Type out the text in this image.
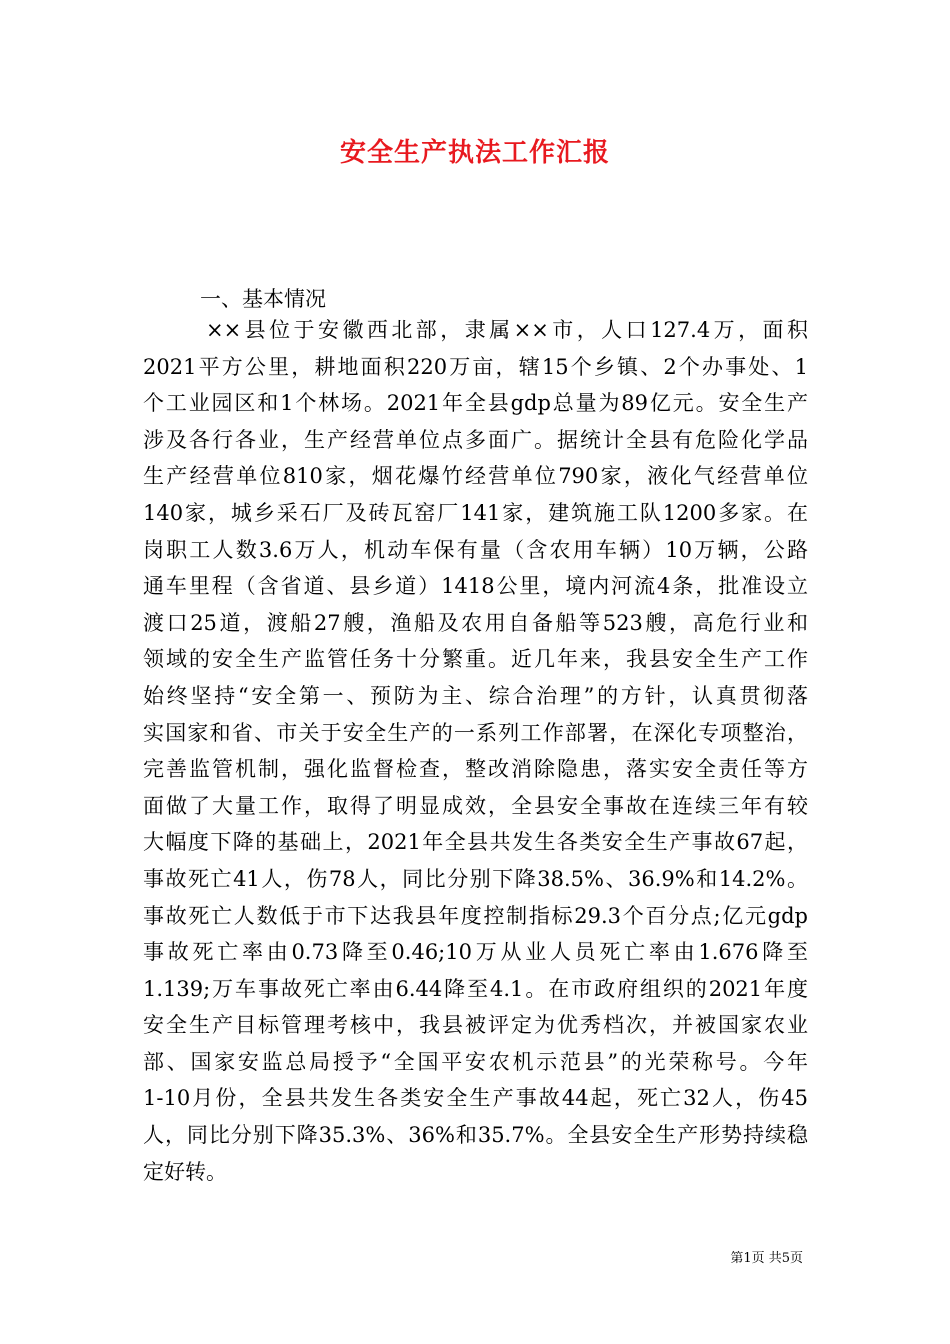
安全生产执法工作汇报

一、基本情况

××县位于安徽西北部，隶属××市，人口127.4万，面积
2021平方公里，耕地面积220万亩，辖15个乡镇、2个办事处、1
个工业园区和1个林场。2021年全县gdp总量为89亿元。安全生产
涉及各行各业，生产经营单位点多面广。据统计全县有危险化学品
生产经营单位810家，烟花爆竹经营单位790家，液化气经营单位
140家，城乡采石厂及砖瓦窑厂141家，建筑施工队1200多家。在
岗职工人数3.6万人，机动车保有量（含农用车辆）10万辆，公路
通车里程（含省道、县乡道）1418公里，境内河流4条，批准设立
渡口25道，渡船27艘，渔船及农用自备船等523艘，高危行业和
领域的安全生产监管任务十分繁重。近几年来，我县安全生产工作
始终坚持“安全第一、预防为主、综合治理”的方针，认真贯彻落
实国家和省、市关于安全生产的一系列工作部署，在深化专项整治，
完善监管机制，强化监督检查，整改消除隐患，落实安全责任等方
面做了大量工作，取得了明显成效，全县安全事故在连续三年有较
大幅度下降的基础上，2021年全县共发生各类安全生产事故67起，
事故死亡41人，伤78人，同比分别下降38.5%、36.9%和14.2%。
事故死亡人数低于市下达我县年度控制指标29.3个百分点;亿元gdp
事故死亡率由0.73降至0.46;10万从业人员死亡率由1.676降至
1.139;万车事故死亡率由6.44降至4.1。在市政府组织的2021年度
安全生产目标管理考核中，我县被评定为优秀档次，并被国家农业
部、国家安监总局授予“全国平安农机示范县”的光荣称号。今年
1-10月份，全县共发生各类安全生产事故44起，死亡32人，伤45
人，同比分别下降35.3%、36%和35.7%。全县安全生产形势持续稳
定好转。

第1页 共5页
